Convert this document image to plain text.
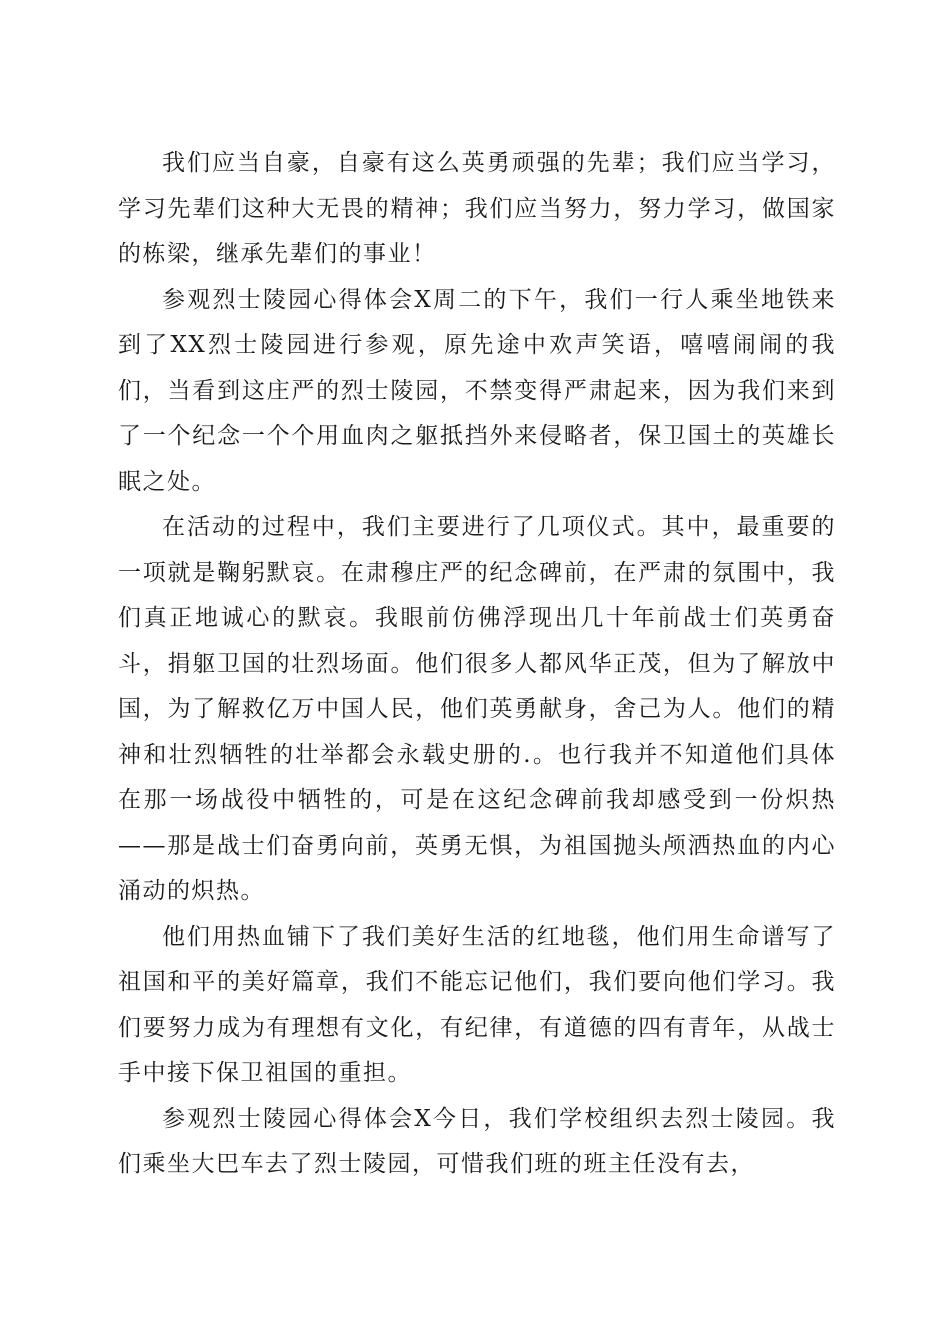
我们应当自豪，自豪有这么英勇顽强的先辈；我们应当学习，学习先辈们这种大无畏的精神；我们应当努力，努力学习，做国家的栋梁，继承先辈们的事业！

参观烈士陵园心得体会X周二的下午，我们一行人乘坐地铁来到了XX烈士陵园进行参观，原先途中欢声笑语，嘻嘻闹闹的我们，当看到这庄严的烈士陵园，不禁变得严肃起来，因为我们来到了一个纪念一个个用血肉之躯抵挡外来侵略者，保卫国土的英雄长眠之处。

在活动的过程中，我们主要进行了几项仪式。其中，最重要的一项就是鞠躬默哀。在肃穆庄严的纪念碑前，在严肃的氛围中，我们真正地诚心的默哀。我眼前仿佛浮现出几十年前战士们英勇奋斗，捐躯卫国的壮烈场面。他们很多人都风华正茂，但为了解放中国，为了解救亿万中国人民，他们英勇献身，舍己为人。他们的精神和壮烈牺牲的壮举都会永载史册的.。也行我并不知道他们具体在那一场战役中牺牲的，可是在这纪念碑前我却感受到一份炽热——那是战士们奋勇向前，英勇无惧，为祖国抛头颅洒热血的内心涌动的炽热。

他们用热血铺下了我们美好生活的红地毯，他们用生命谱写了祖国和平的美好篇章，我们不能忘记他们，我们要向他们学习。我们要努力成为有理想有文化，有纪律，有道德的四有青年，从战士手中接下保卫祖国的重担。

参观烈士陵园心得体会X今日，我们学校组织去烈士陵园。我们乘坐大巴车去了烈士陵园，可惜我们班的班主任没有去，
